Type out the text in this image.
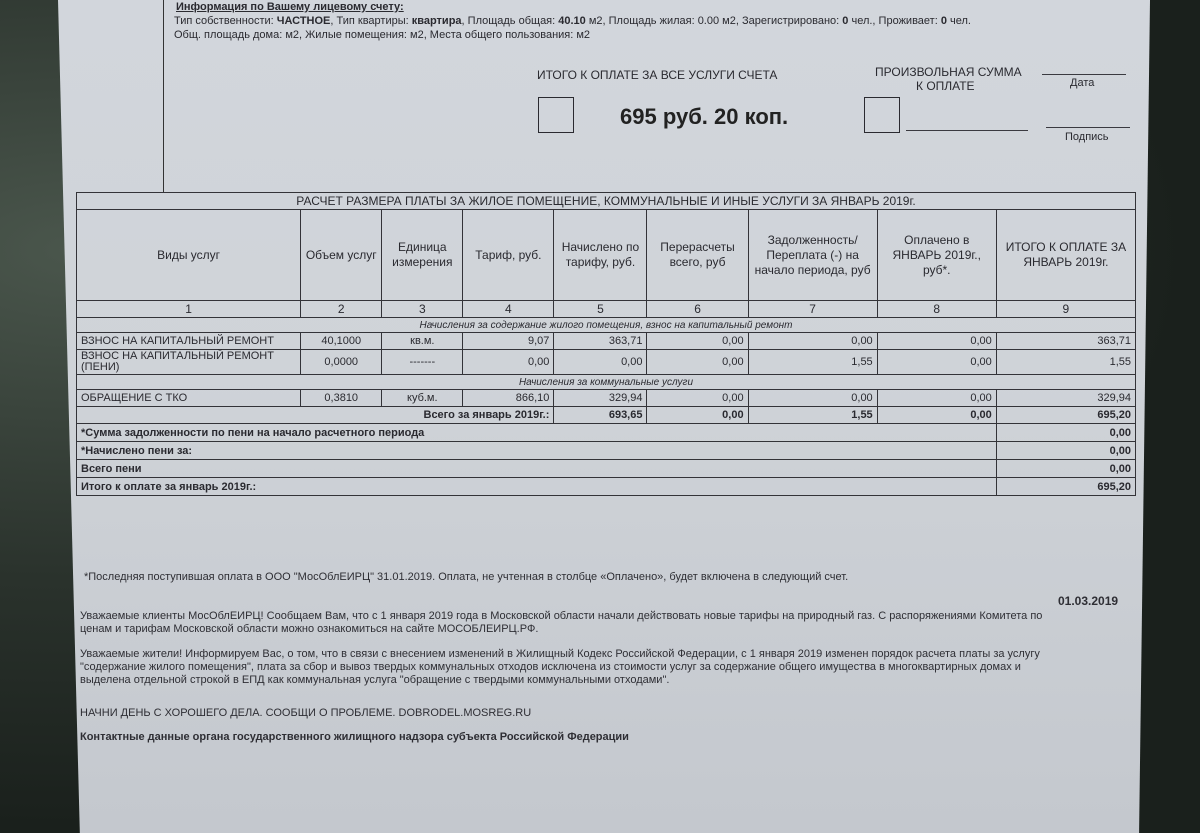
Информация по Вашему лицевому счету:
Тип собственности: ЧАСТНОЕ, Тип квартиры: квартира, Площадь общая: 40.10 м2, Площадь жилая: 0.00 м2, Зарегистрировано: 0 чел., Проживает: 0 чел.
Общ. площадь дома: м2, Жилые помещения: м2, Места общего пользования: м2
ИТОГО К ОПЛАТЕ ЗА ВСЕ УСЛУГИ СЧЕТА
695 руб. 20 коп.
ПРОИЗВОЛЬНАЯ СУММА
К ОПЛАТЕ	Дата
Подпись
РАСЧЕТ РАЗМЕРА ПЛАТЫ ЗА ЖИЛОЕ ПОМЕЩЕНИЕ, КОММУНАЛЬНЫЕ И ИНЫЕ УСЛУГИ ЗА ЯНВАРЬ 2019г.								
Виды услуг	Объем услуг	Единица измерения	Тариф, руб.	Начислено по тарифу, руб.	Перерасчеты всего, руб	Задолженность/ Переплата (-) на начало периода, руб	Оплачено в ЯНВАРЬ 2019г., руб*.	ИТОГО К ОПЛАТЕ ЗА ЯНВАРЬ 2019г.
1	2	3	4	5	6	7	8	9
Начисления за содержание жилого помещения, взнос на капитальный ремонт								
ВЗНОС НА КАПИТАЛЬНЫЙ РЕМОНТ	40,1000	кв.м.	9,07	363,71	0,00	0,00	0,00	363,71
ВЗНОС НА КАПИТАЛЬНЫЙ РЕМОНТ (ПЕНИ)	0,0000	-------	0,00	0,00	0,00	1,55	0,00	1,55
Начисления за коммунальные услуги								
ОБРАЩЕНИЕ С ТКО	0,3810	куб.м.	866,10	329,94	0,00	0,00	0,00	329,94
Всего за январь 2019г.:				693,65	0,00	1,55	0,00	695,20
*Сумма задолженности по пени на начало расчетного периода								0,00
*Начислено пени за:								0,00
Всего пени								0,00
Итого к оплате за январь 2019г.:								695,20
*Последняя поступившая оплата в ООО "МосОблЕИРЦ" 31.01.2019. Оплата, не учтенная в столбце «Оплачено», будет включена в следующий счет.
01.03.2019
Уважаемые клиенты МосОблЕИРЦ! Сообщаем Вам, что с 1 января 2019 года в Московской области начали действовать новые тарифы на природный газ. С распоряжениями Комитета по
ценам и тарифам Московской области можно ознакомиться на сайте МОСОБЛЕИРЦ.РФ.
Уважаемые жители! Информируем Вас, о том, что в связи с внесением изменений в Жилищный Кодекс Российской Федерации, с 1 января 2019 изменен порядок расчета платы за услугу
"содержание жилого помещения", плата за сбор и вывоз твердых коммунальных отходов исключена из стоимости услуг за содержание общего имущества в многоквартирных домах и
выделена отдельной строкой в ЕПД как коммунальная услуга "обращение с твердыми коммунальными отходами".
НАЧНИ ДЕНЬ С ХОРОШЕГО ДЕЛА. СООБЩИ О ПРОБЛЕМЕ. DOBRODEL.MOSREG.RU
Контактные данные органа государственного жилищного надзора субъекта Российской Федерации
